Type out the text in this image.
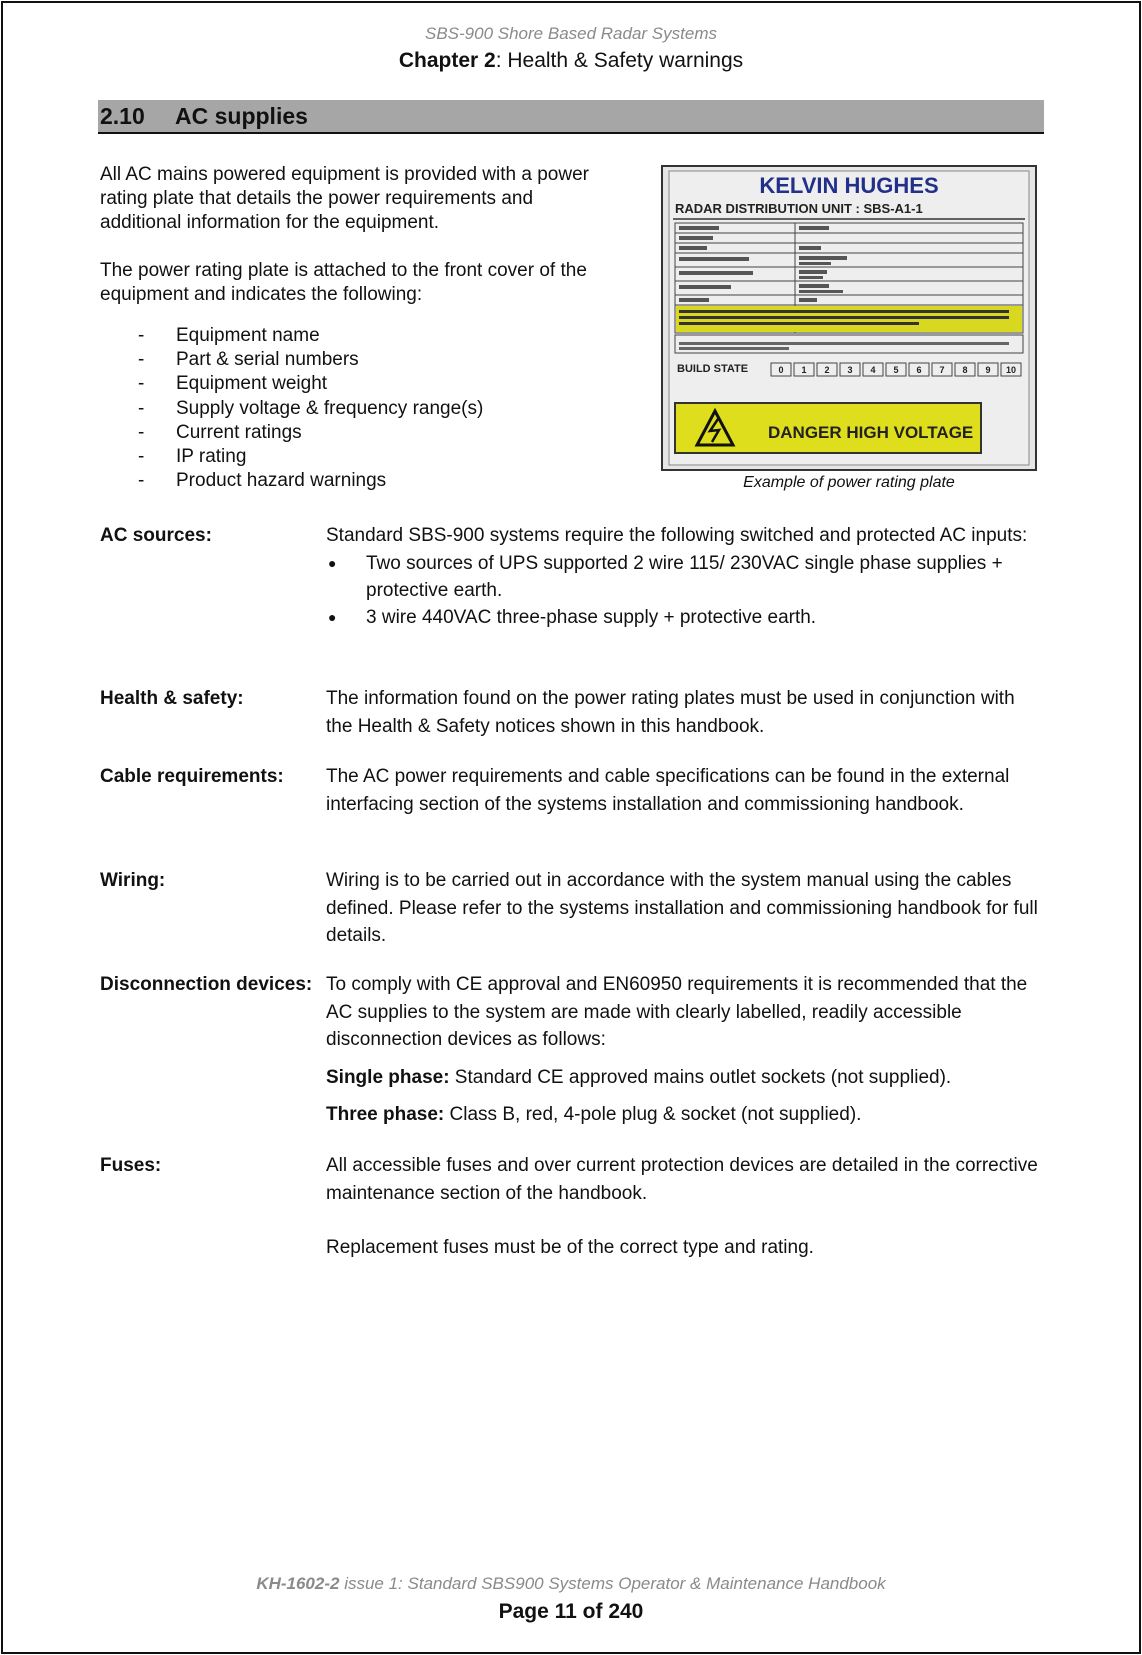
SBS-900 Shore Based Radar Systems
Chapter 2: Health & Safety warnings
2.10 AC supplies

All AC mains powered equipment is provided with a power rating plate that details the power requirements and additional information for the equipment.

The power rating plate is attached to the front cover of the equipment and indicates the following:

- Equipment name
- Part & serial numbers
- Equipment weight
- Supply voltage & frequency range(s)
- Current ratings
- IP rating
- Product hazard warnings
KELVIN HUGHES
RADAR DISTRIBUTION UNIT : SBS-A1-1
BUILD STATE	0 1 2 3 4 5 6 7 8 9 10
DANGER HIGH VOLTAGE
Example of power rating plate
AC sources:	Standard SBS-900 systems require the following switched and protected AC inputs:

● Two sources of UPS supported 2 wire 115/ 230VAC single phase supplies + protective earth.
● 3 wire 440VAC three-phase supply + protective earth.
Health & safety:	The information found on the power rating plates must be used in conjunction with the Health & Safety notices shown in this handbook.

Cable requirements: The AC power requirements and cable specifications can be found in the external interfacing section of the systems installation and commissioning handbook.

Wiring:	Wiring is to be carried out in accordance with the system manual using the cables defined. Please refer to the systems installation and commissioning handbook for full details.

Disconnection devices: To comply with CE approval and EN60950 requirements it is recommended that the AC supplies to the system are made with clearly labelled, readily accessible disconnection devices as follows:

Single phase: Standard CE approved mains outlet sockets (not supplied).

Three phase: Class B, red, 4-pole plug & socket (not supplied).

Fuses:	All accessible fuses and over current protection devices are detailed in the corrective maintenance section of the handbook.

Replacement fuses must be of the correct type and rating.

KH-1602-2 issue 1: Standard SBS900 Systems Operator & Maintenance Handbook
Page 11 of 240
